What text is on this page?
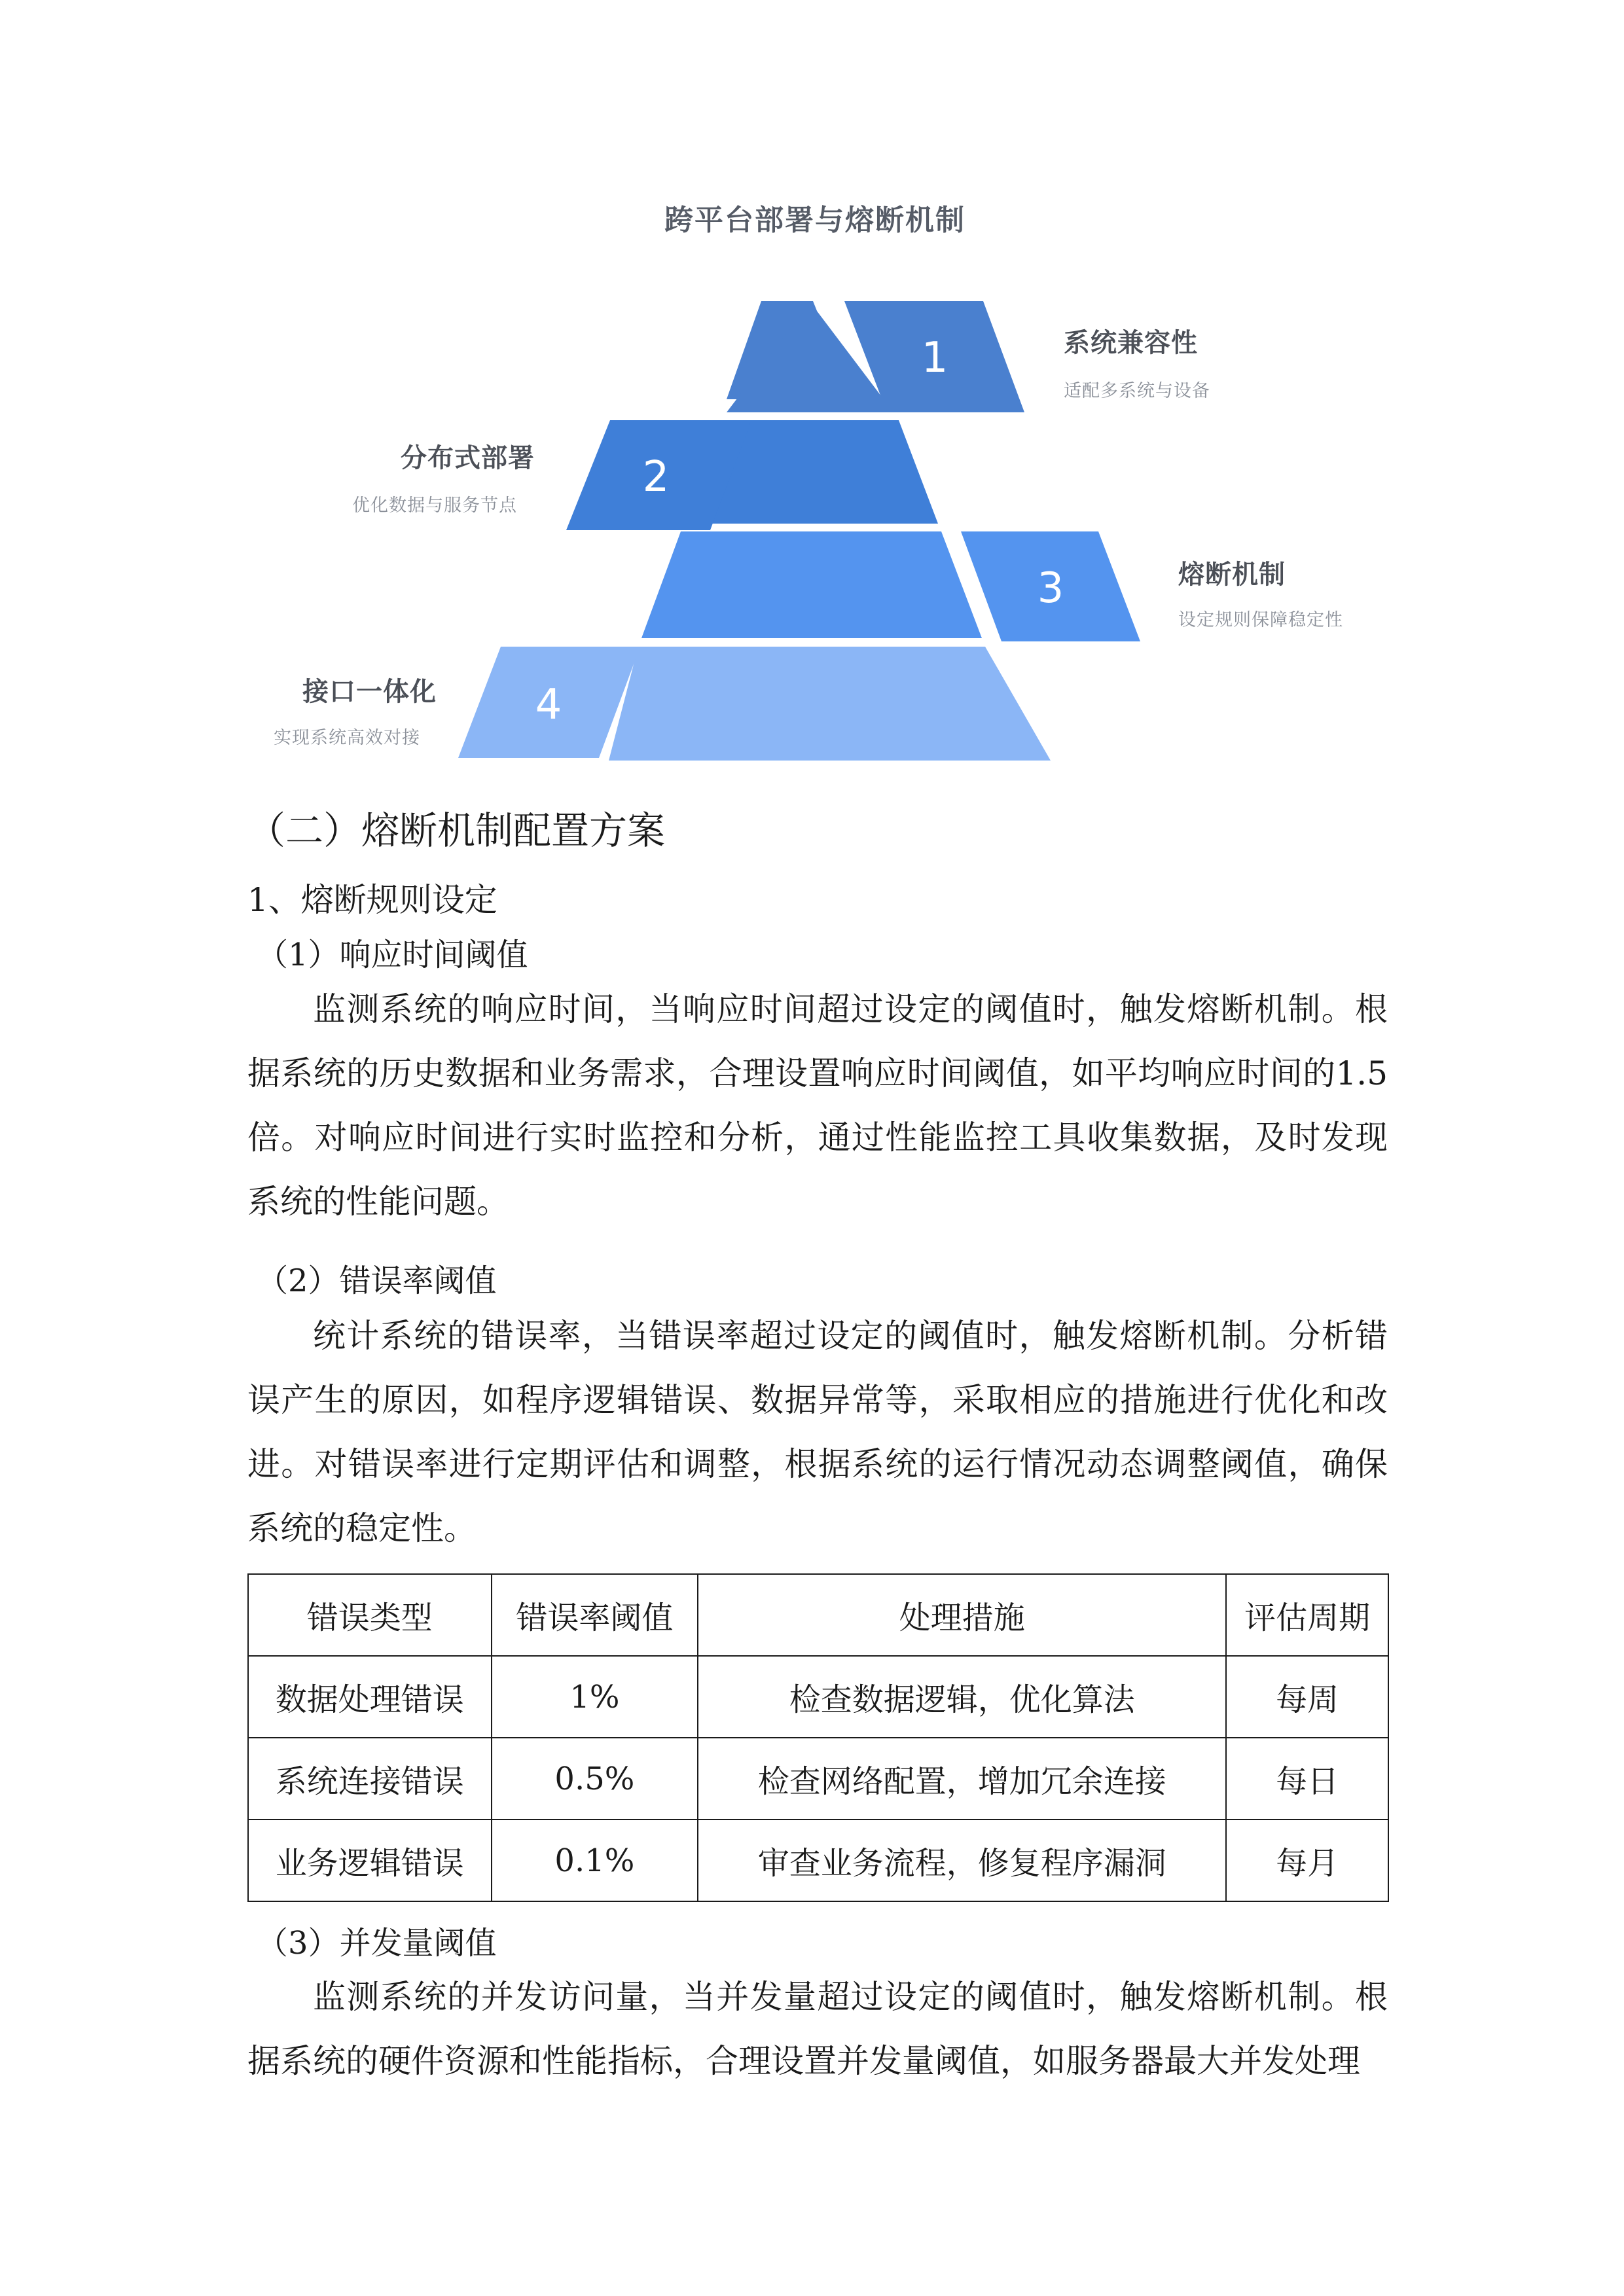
跨平台部署与熔断机制
1
2
3
4
系统兼容性
适配多系统与设备
分布式部署
优化数据与服务节点
熔断机制
设定规则保障稳定性
接口一体化
实现系统高效对接
（二）熔断机制配置方案
1、熔断规则设定
（1）响应时间阈值

监测系统的响应时间，当响应时间超过设定的阈值时，触发熔断机制。根据系统的历史数据和业务需求，合理设置响应时间阈值，如平均响应时间的1.5倍。对响应时间进行实时监控和分析，通过性能监控工具收集数据，及时发现系统的性能问题。

（2）错误率阈值

统计系统的错误率，当错误率超过设定的阈值时，触发熔断机制。分析错误产生的原因，如程序逻辑错误、数据异常等，采取相应的措施进行优化和改进。对错误率进行定期评估和调整，根据系统的运行情况动态调整阈值，确保系统的稳定性。

错误类型	错误率阈值	处理措施	评估周期
数据处理错误	1%	检查数据逻辑，优化算法	每周
系统连接错误	0.5%	检查网络配置，增加冗余连接	每日
业务逻辑错误	0.1%	审查业务流程，修复程序漏洞	每月
（3）并发量阈值

监测系统的并发访问量，当并发量超过设定的阈值时，触发熔断机制。根据系统的硬件资源和性能指标，合理设置并发量阈值，如服务器最大并发处理
